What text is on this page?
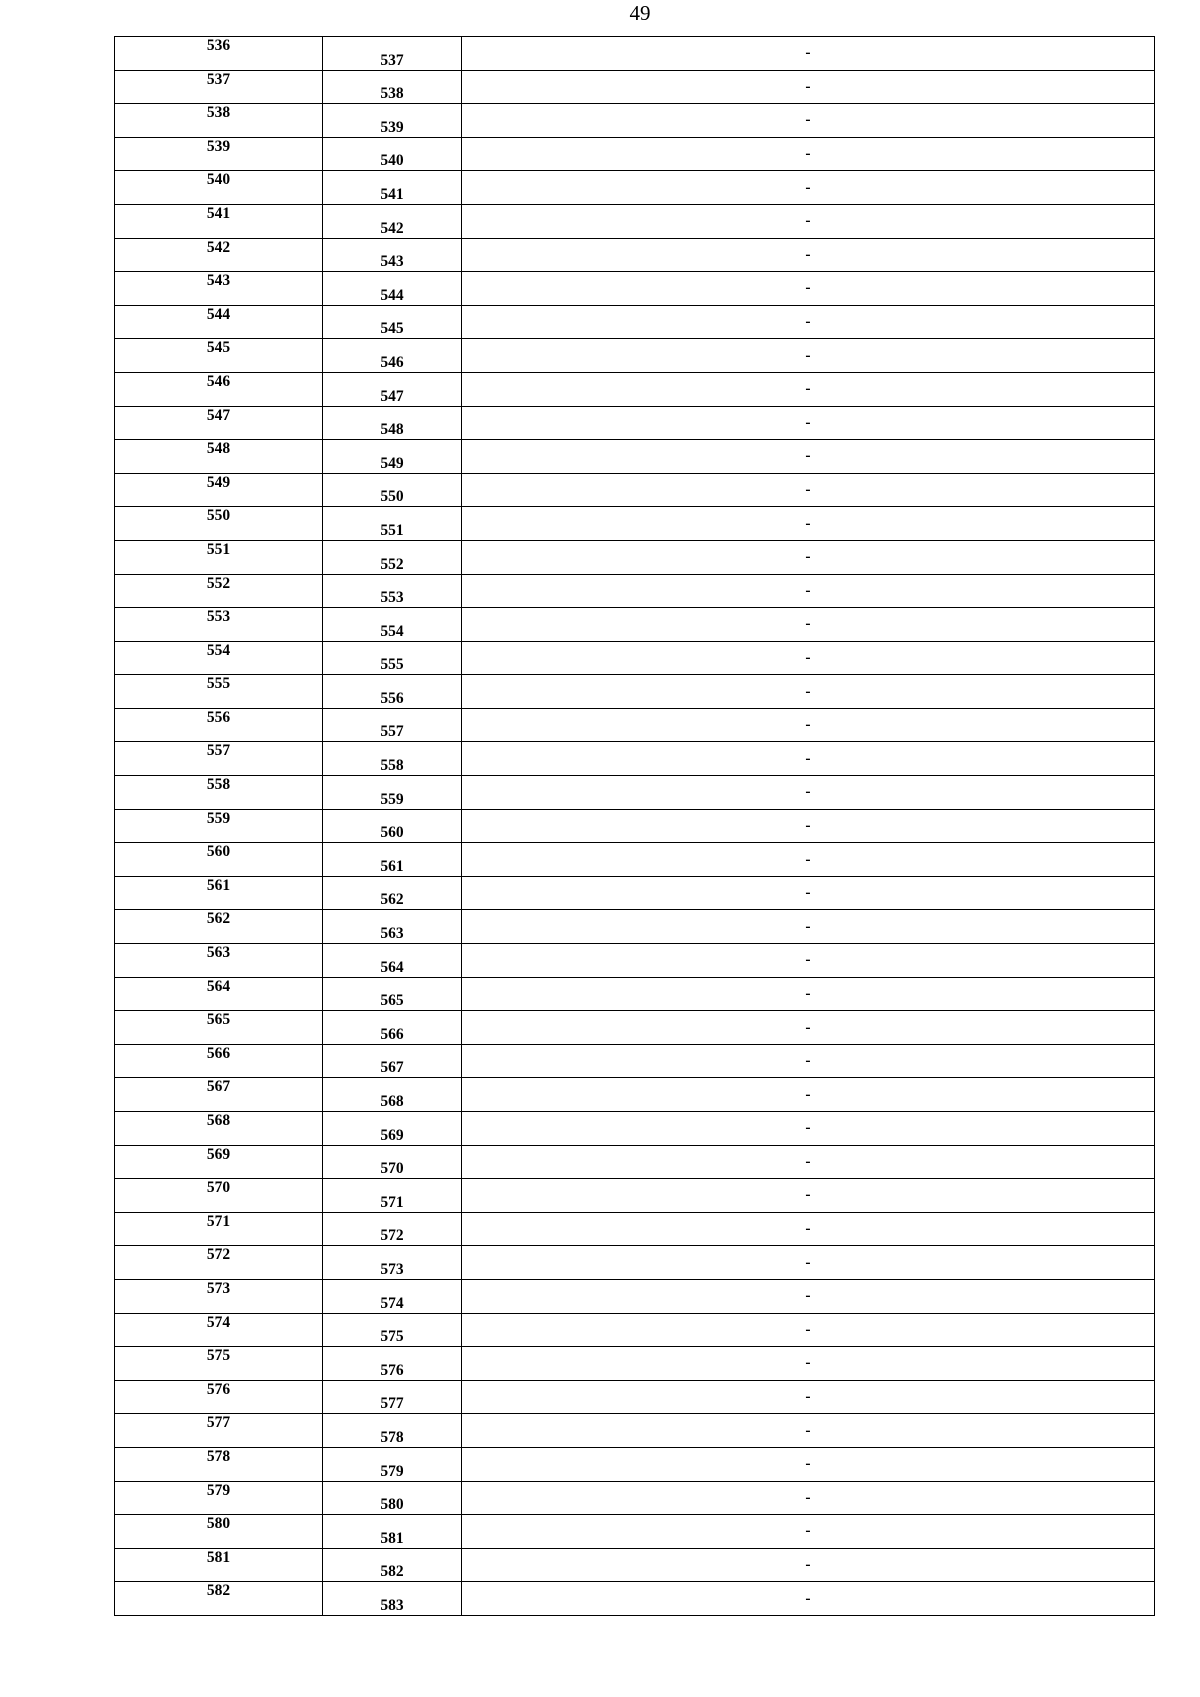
49
536	537	-
537	538	-
538	539	-
539	540	-
540	541	-
541	542	-
542	543	-
543	544	-
544	545	-
545	546	-
546	547	-
547	548	-
548	549	-
549	550	-
550	551	-
551	552	-
552	553	-
553	554	-
554	555	-
555	556	-
556	557	-
557	558	-
558	559	-
559	560	-
560	561	-
561	562	-
562	563	-
563	564	-
564	565	-
565	566	-
566	567	-
567	568	-
568	569	-
569	570	-
570	571	-
571	572	-
572	573	-
573	574	-
574	575	-
575	576	-
576	577	-
577	578	-
578	579	-
579	580	-
580	581	-
581	582	-
582	583	-
